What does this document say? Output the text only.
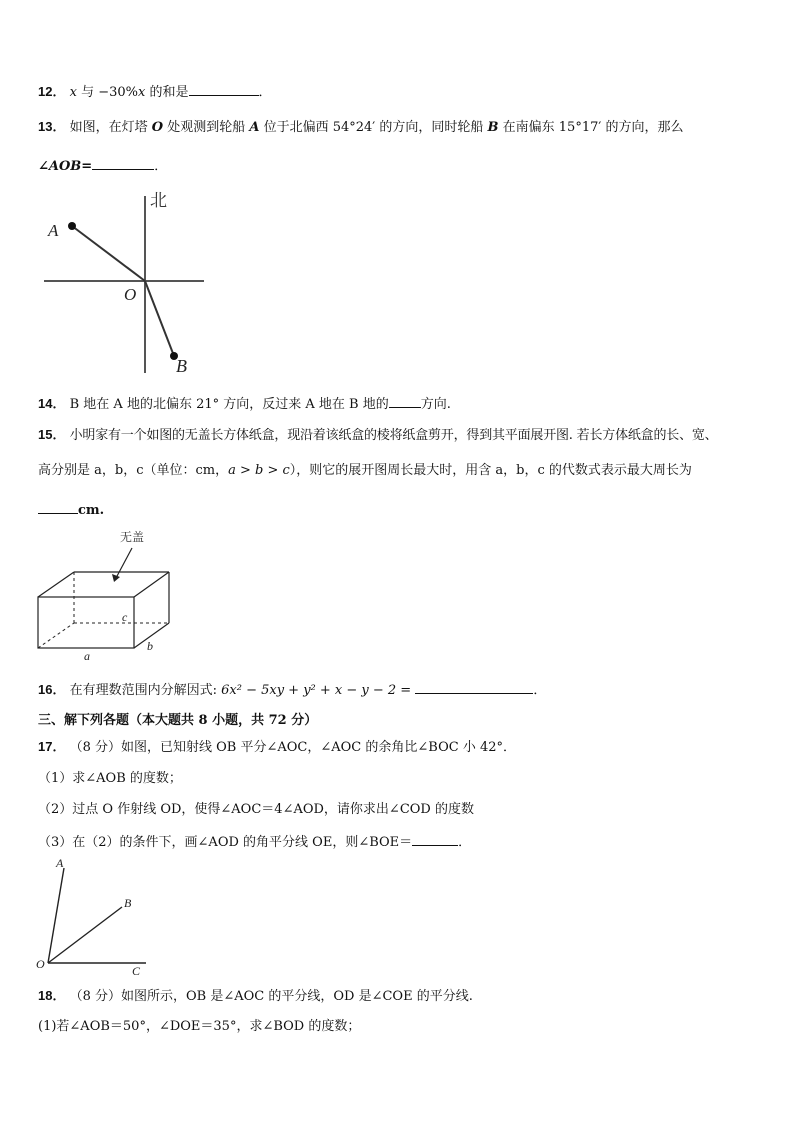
12． x 与 −30%x 的和是	．
13． 如图，在灯塔 O 处观测到轮船 A 位于北偏西 54°24′ 的方向，同时轮船 B 在南偏东 15°17′ 的方向，那么
∠AOB=	．
北
A
O
B
14． B 地在 A 地的北偏东 21° 方向，反过来 A 地在 B 地的 方向.
15． 小明家有一个如图的无盖长方体纸盒，现沿着该纸盒的棱将纸盒剪开，得到其平面展开图. 若长方体纸盒的长、宽、
高分别是 a，b，c（单位：cm，a > b > c），则它的展开图周长最大时，用含 a，b，c 的代数式表示最大周长为
cm.
无盖
c
a
b
16． 在有理数范围内分解因式: 6x² − 5xy + y² + x − y − 2 =	．
三、解下列各题（本大题共 8 小题，共 72 分）
17． （8 分）如图，已知射线 OB 平分∠AOC，∠AOC 的余角比∠BOC 小 42°．
（1）求∠AOB 的度数；
（2）过点 O 作射线 OD，使得∠AOC＝4∠AOD，请你求出∠COD 的度数
（3）在（2）的条件下，画∠AOD 的角平分线 OE，则∠BOE＝	．
A
B
O	C
18． （8 分）如图所示，OB 是∠AOC 的平分线，OD 是∠COE 的平分线.
(1)若∠AOB＝50°，∠DOE＝35°，求∠BOD 的度数；
